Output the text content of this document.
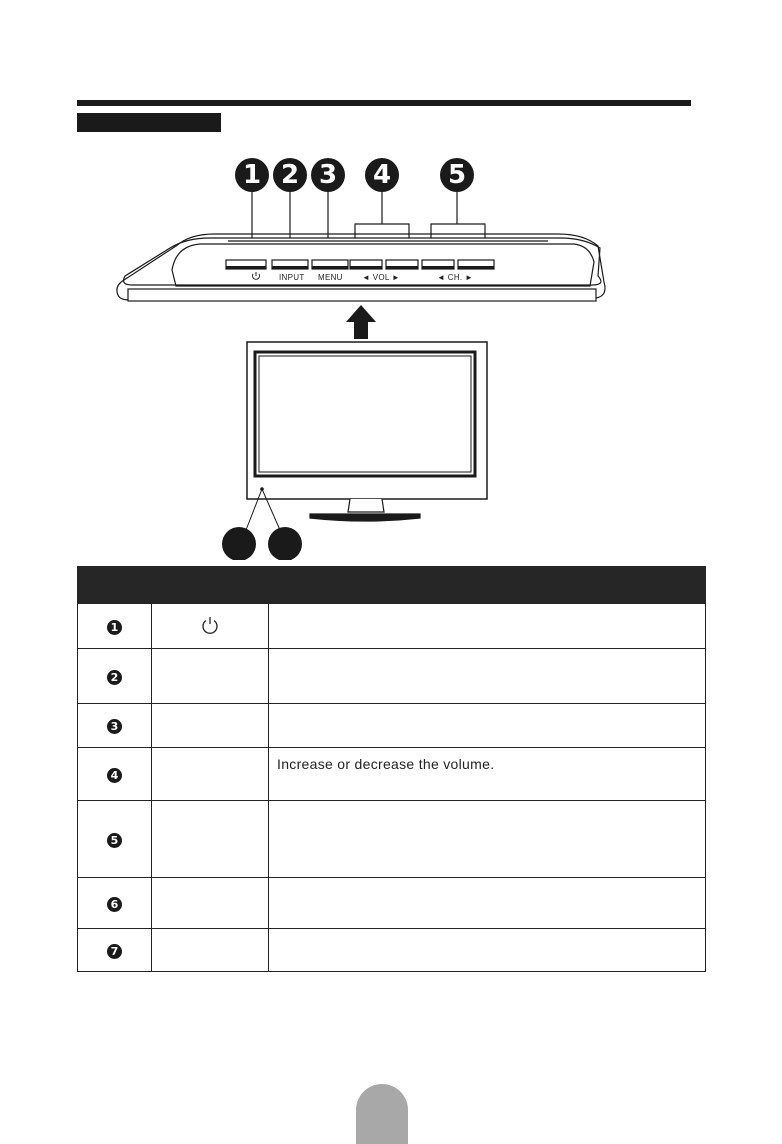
1 2 3	4	5
INPUT MENU ◄ VOL ►	◄ CH. ►

1		

2		

3		

4		Increase or decrease the volume.

5		

6		

7		
